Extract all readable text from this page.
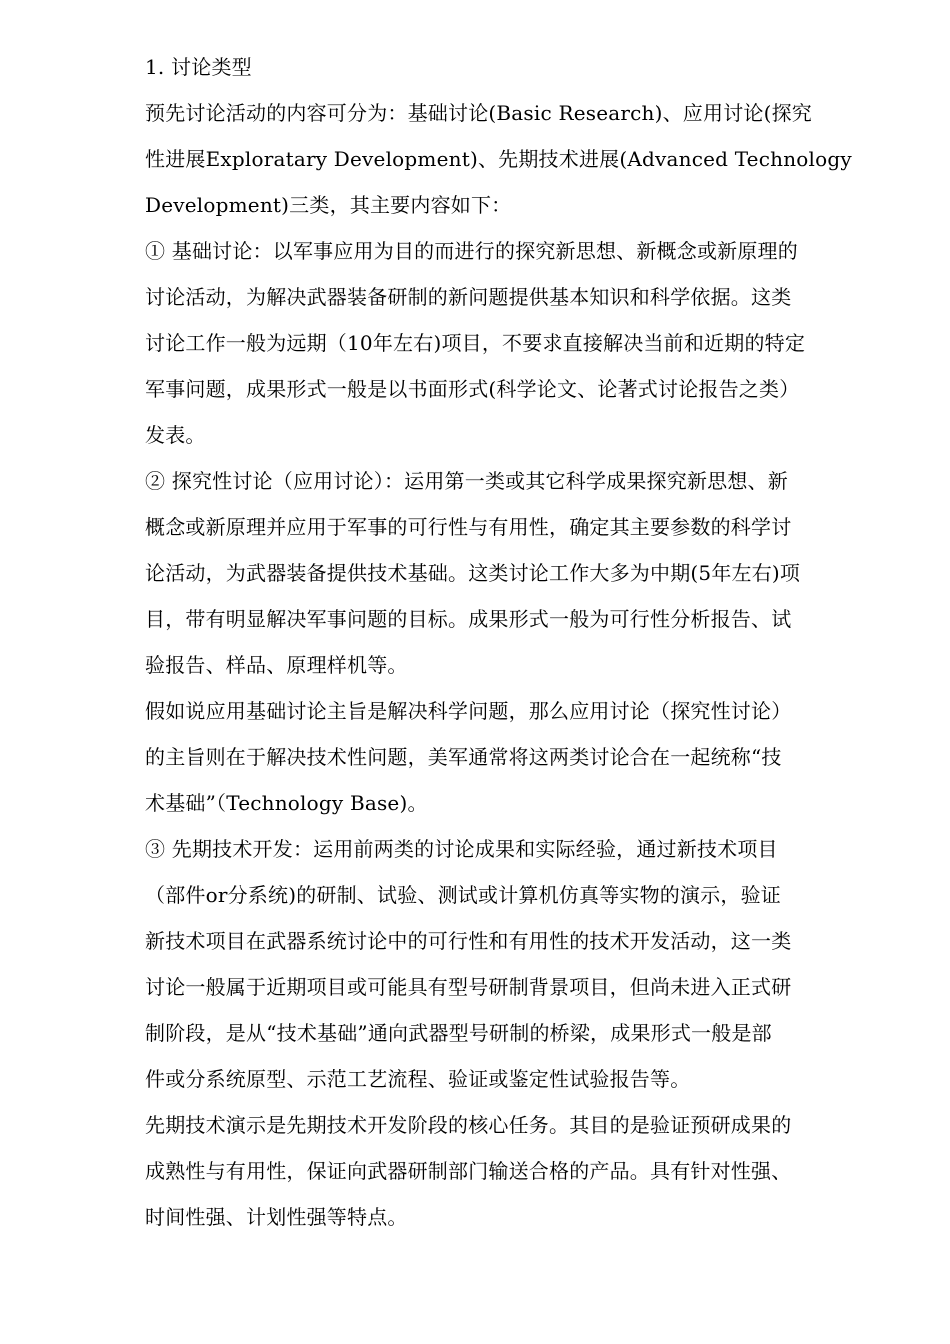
1. 讨论类型
预先讨论活动的内容可分为：基础讨论(Basic Research)、应用讨论(探究
性进展Exploratary Development)、先期技术进展(Advanced Technology
Development)三类，其主要内容如下：
① 基础讨论：以军事应用为目的而进行的探究新思想、新概念或新原理的
讨论活动，为解决武器装备研制的新问题提供基本知识和科学依据。这类
讨论工作一般为远期（10年左右)项目，不要求直接解决当前和近期的特定
军事问题，成果形式一般是以书面形式(科学论文、论著式讨论报告之类）
发表。
② 探究性讨论（应用讨论）：运用第一类或其它科学成果探究新思想、新
概念或新原理并应用于军事的可行性与有用性，确定其主要参数的科学讨
论活动，为武器装备提供技术基础。这类讨论工作大多为中期(5年左右)项
目，带有明显解决军事问题的目标。成果形式一般为可行性分析报告、试
验报告、样品、原理样机等。
假如说应用基础讨论主旨是解决科学问题，那么应用讨论（探究性讨论）
的主旨则在于解决技术性问题，美军通常将这两类讨论合在一起统称“技
术基础”（Technology Base)。
③ 先期技术开发：运用前两类的讨论成果和实际经验，通过新技术项目
（部件or分系统)的研制、试验、测试或计算机仿真等实物的演示，验证
新技术项目在武器系统讨论中的可行性和有用性的技术开发活动，这一类
讨论一般属于近期项目或可能具有型号研制背景项目，但尚未进入正式研
制阶段，是从“技术基础”通向武器型号研制的桥梁，成果形式一般是部
件或分系统原型、示范工艺流程、验证或鉴定性试验报告等。
先期技术演示是先期技术开发阶段的核心任务。其目的是验证预研成果的
成熟性与有用性，保证向武器研制部门输送合格的产品。具有针对性强、
时间性强、计划性强等特点。
